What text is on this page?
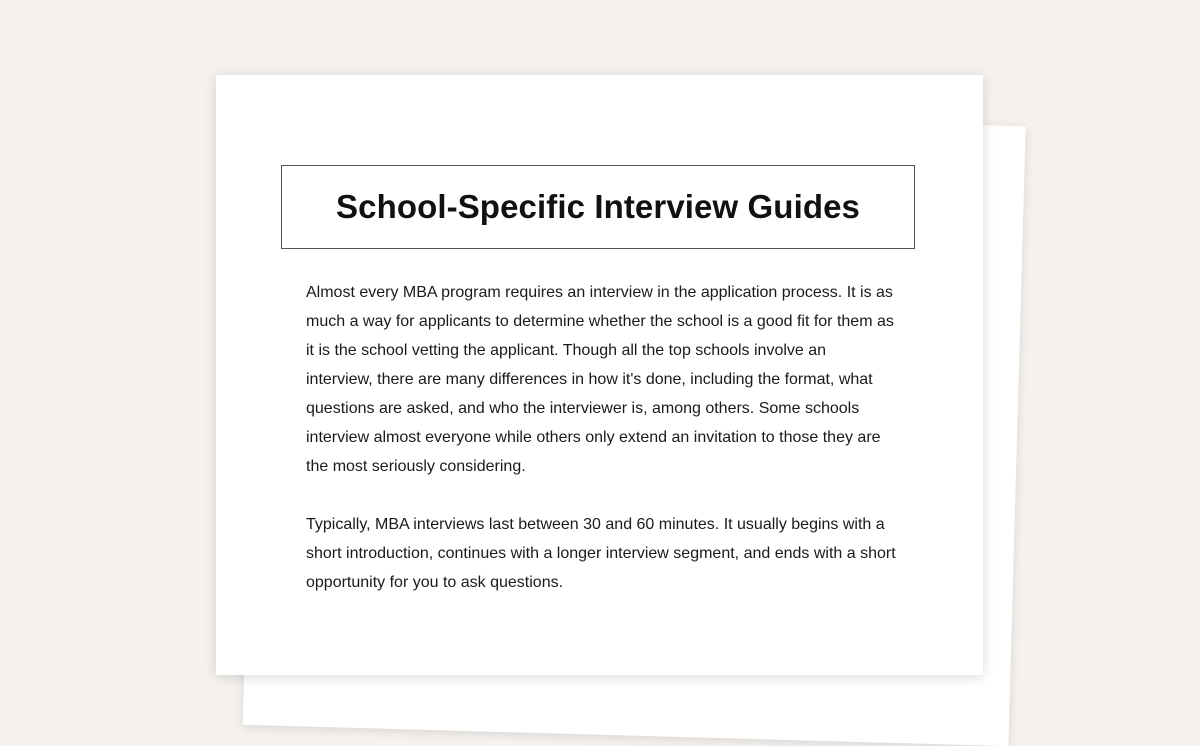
School-Specific Interview Guides

Almost every MBA program requires an interview in the application process. It is as much a way for applicants to determine whether the school is a good fit for them as it is the school vetting the applicant. Though all the top schools involve an interview, there are many differences in how it's done, including the format, what questions are asked, and who the interviewer is, among others. Some schools interview almost everyone while others only extend an invitation to those they are the most seriously considering.

Typically, MBA interviews last between 30 and 60 minutes. It usually begins with a short introduction, continues with a longer interview segment, and ends with a short opportunity for you to ask questions.
